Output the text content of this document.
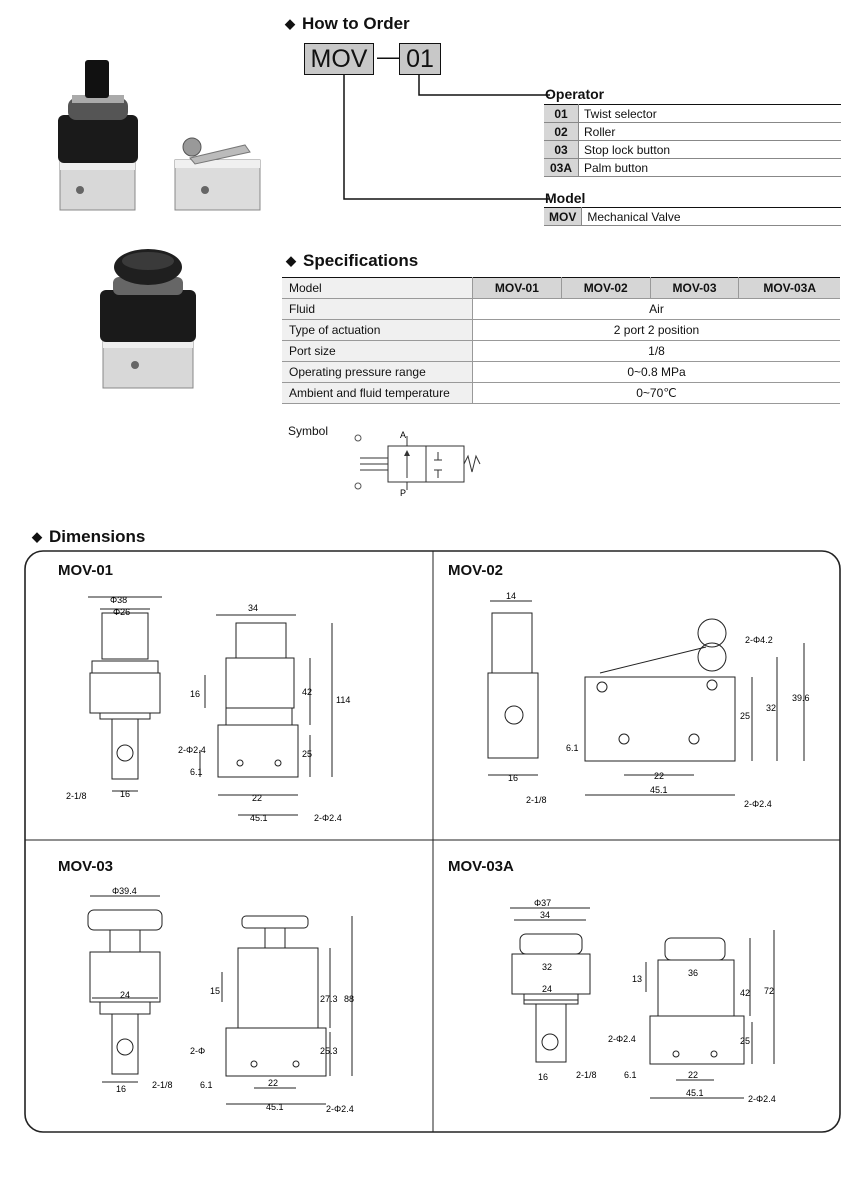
◆ How to Order
MOV — 01
Operator
01	Twist selector
02	Roller
03	Stop lock button
03A	Palm button
Model
MOV	Mechanical Valve
◆ Specifications
Model	MOV-01	MOV-02	MOV-03	MOV-03A
Fluid	Air			
Type of actuation	2 port 2 position			
Port size	1/8			
Operating pressure range	0~0.8 MPa			
Ambient and fluid temperature	0~70℃			
Symbol	A
P
◆ Dimensions
MOV-01	MOV-02
MOV-03	MOV-03A
Φ38
Φ26	34
16	42
114
25
2-Φ2.4
6.1
22
45.1
2-1/8	16
2-Φ2.4
14
2-Φ4.2
25
32
39.6
6.1
16	22
45.1
2-1/8	2-Φ2.4
Φ39.4
24	15
27.3 88
25.3
2-Φ
6.1	22
45.1
16	2-1/8
2-Φ2.4
Φ37
34
32
24
13
36
42 72
25
2-Φ2.4
6.1
16	2-1/8	22
45.1
2-Φ2.4
